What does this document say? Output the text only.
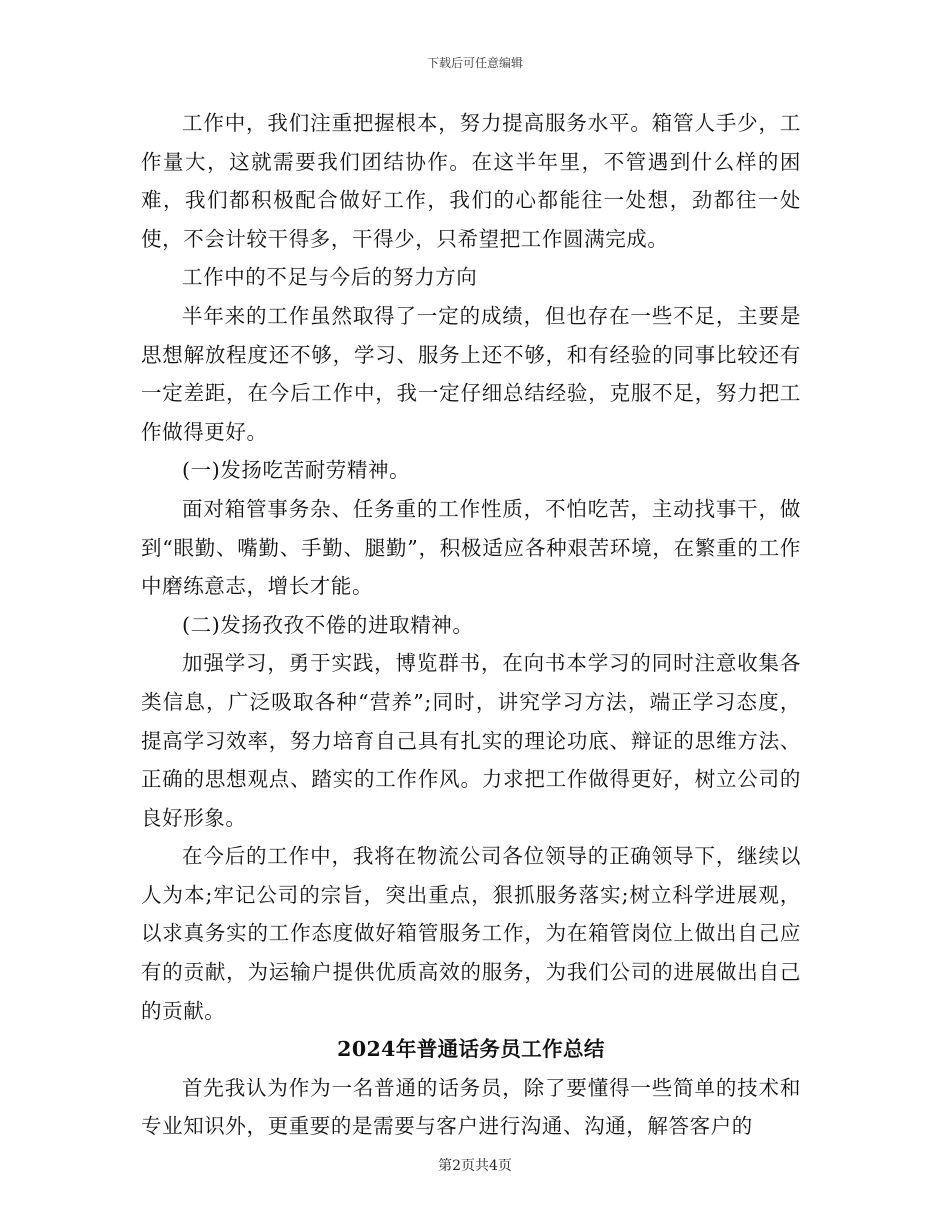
下载后可任意编辑

工作中，我们注重把握根本，努力提高服务水平。箱管人手少，工作量大，这就需要我们团结协作。在这半年里，不管遇到什么样的困难，我们都积极配合做好工作，我们的心都能往一处想，劲都往一处使，不会计较干得多，干得少，只希望把工作圆满完成。

工作中的不足与今后的努力方向

半年来的工作虽然取得了一定的成绩，但也存在一些不足，主要是思想解放程度还不够，学习、服务上还不够，和有经验的同事比较还有一定差距，在今后工作中，我一定仔细总结经验，克服不足，努力把工作做得更好。

(一)发扬吃苦耐劳精神。

面对箱管事务杂、任务重的工作性质，不怕吃苦，主动找事干，做到“眼勤、嘴勤、手勤、腿勤”，积极适应各种艰苦环境，在繁重的工作中磨练意志，增长才能。

(二)发扬孜孜不倦的进取精神。

加强学习，勇于实践，博览群书，在向书本学习的同时注意收集各类信息，广泛吸取各种“营养”;同时，讲究学习方法，端正学习态度，提高学习效率，努力培育自己具有扎实的理论功底、辩证的思维方法、正确的思想观点、踏实的工作作风。力求把工作做得更好，树立公司的良好形象。

在今后的工作中，我将在物流公司各位领导的正确领导下，继续以人为本;牢记公司的宗旨，突出重点，狠抓服务落实;树立科学进展观，以求真务实的工作态度做好箱管服务工作，为在箱管岗位上做出自己应有的贡献，为运输户提供优质高效的服务，为我们公司的进展做出自己的贡献。

2024年普通话务员工作总结

首先我认为作为一名普通的话务员，除了要懂得一些简单的技术和专业知识外，更重要的是需要与客户进行沟通、沟通，解答客户的

第2页共4页
